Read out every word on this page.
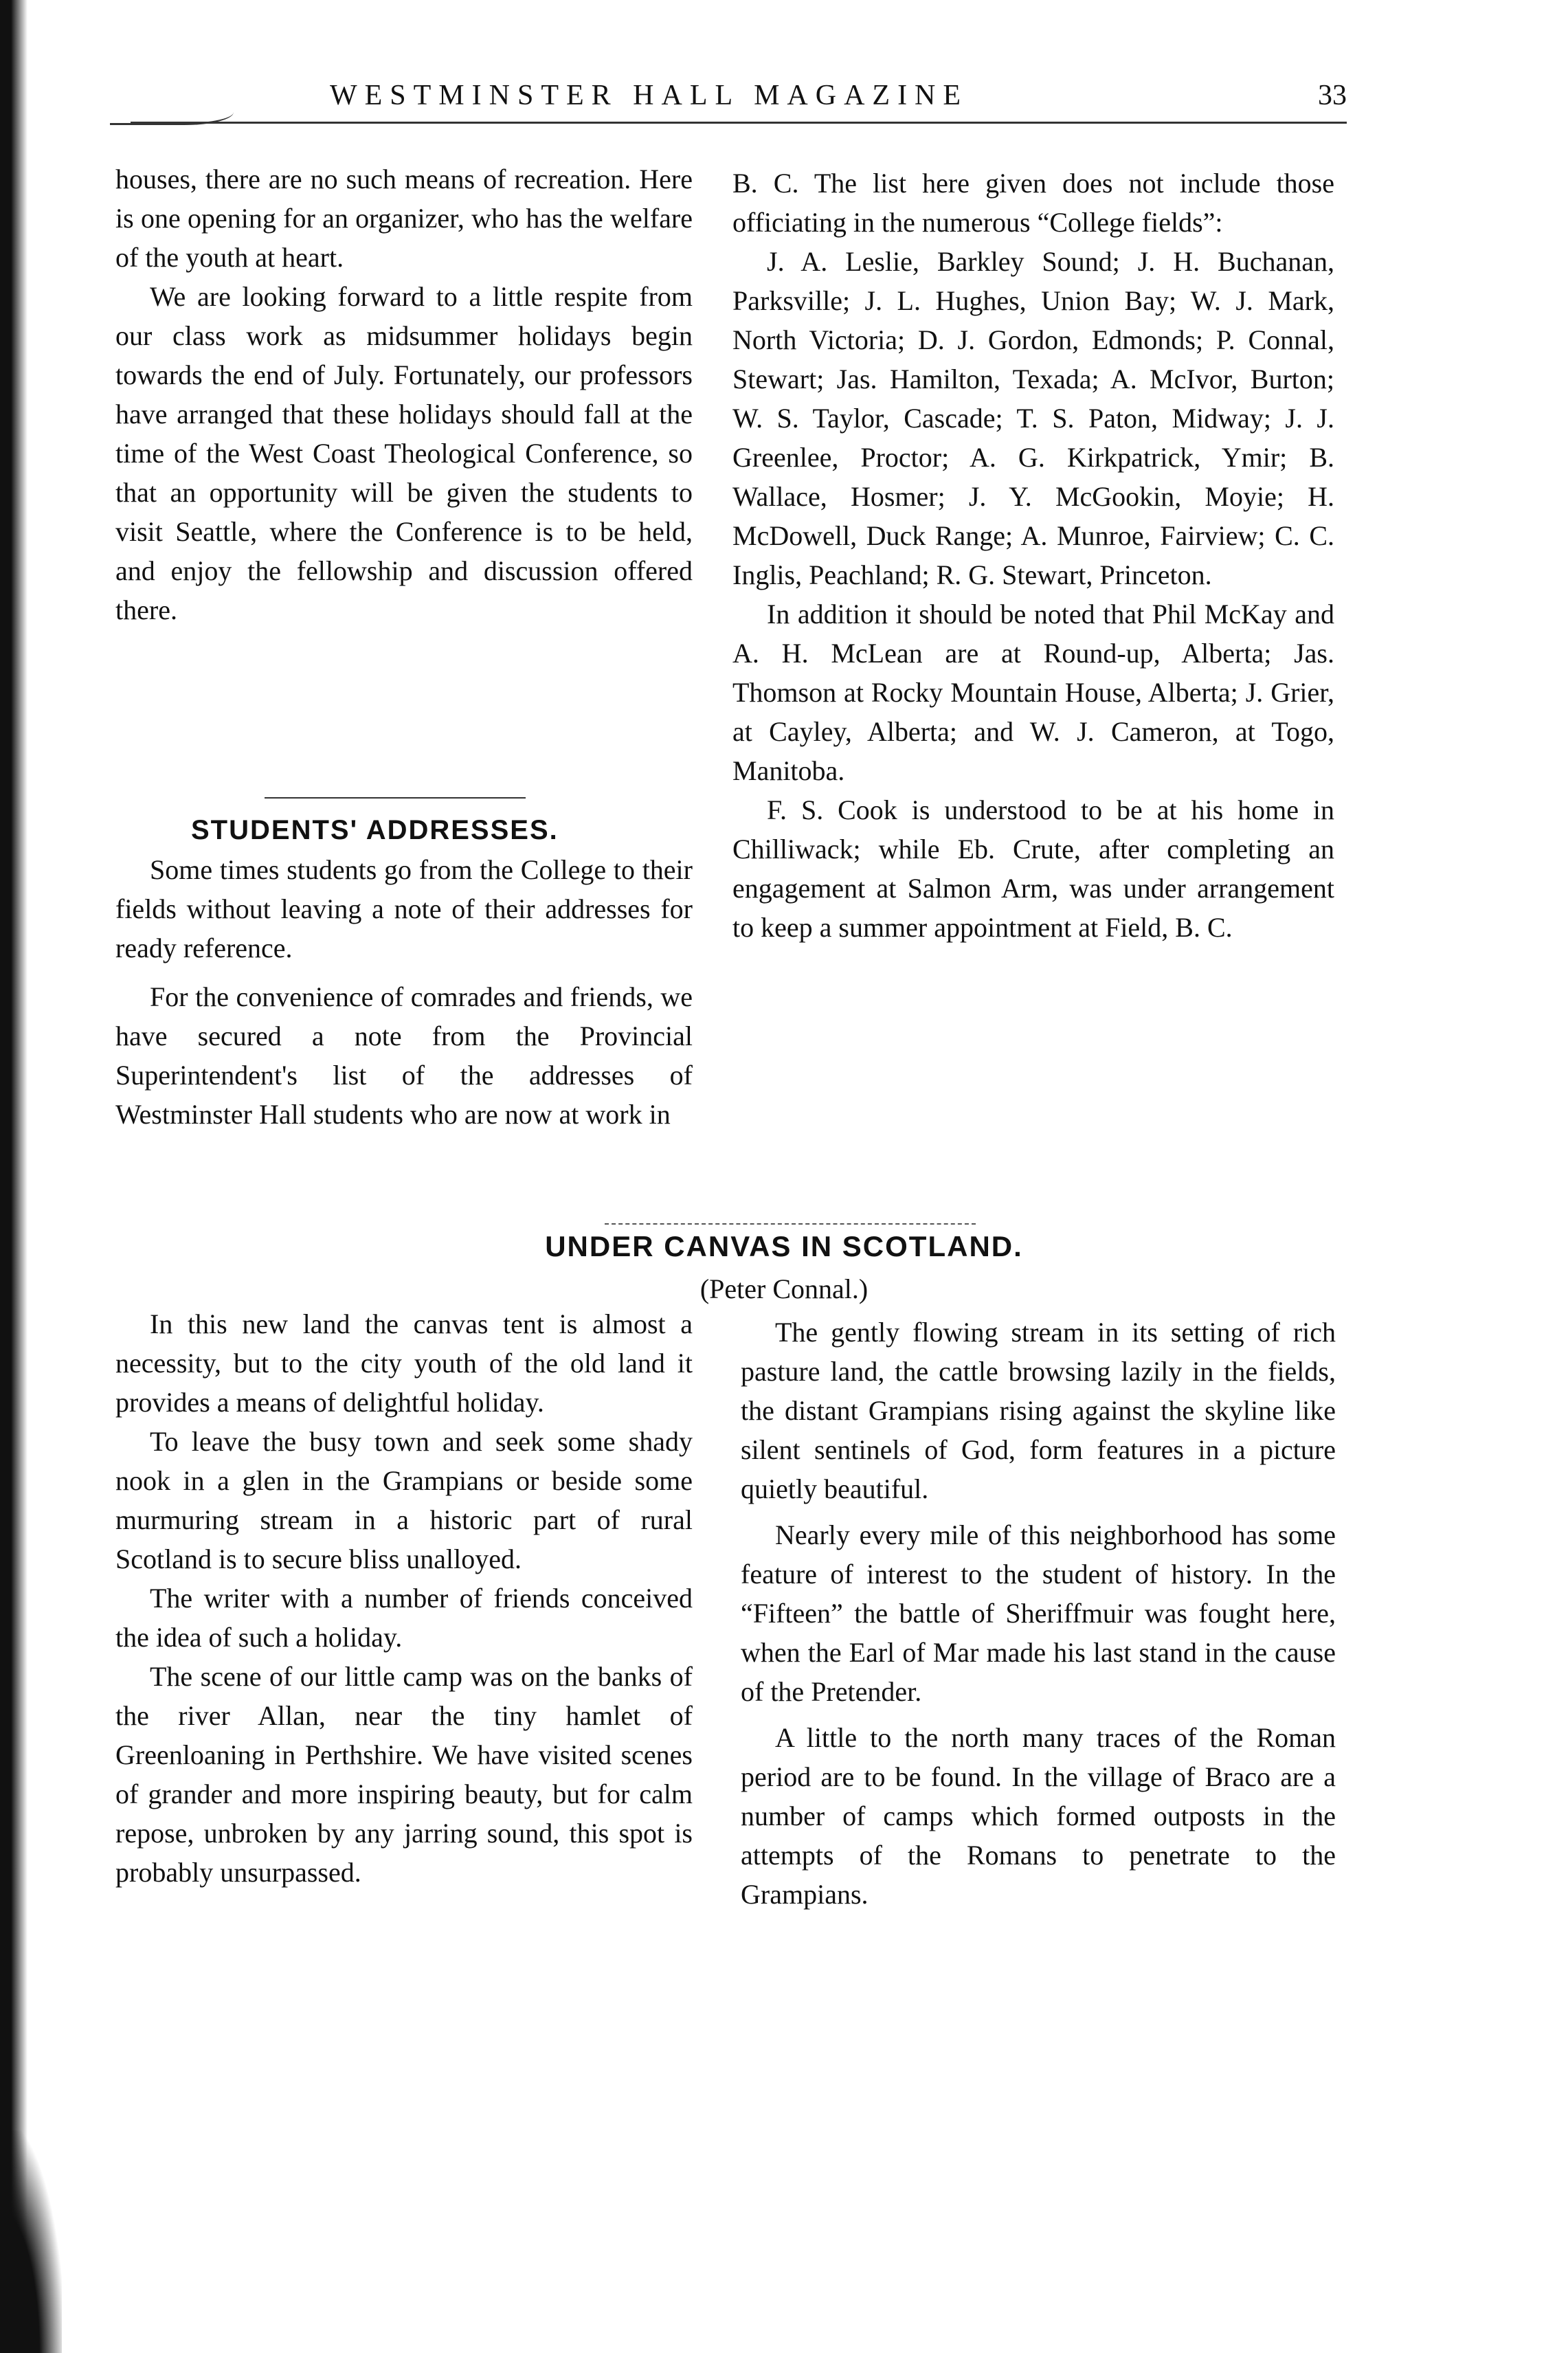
WESTMINSTER HALL MAGAZINE	33

houses, there are no such means of recreation. Here is one opening for an organizer, who has the welfare of the youth at heart.

We are looking forward to a little respite from our class work as midsummer holidays begin towards the end of July. Fortunately, our professors have arranged that these holidays should fall at the time of the West Coast Theological Conference, so that an opportunity will be given the students to visit Seattle, where the Conference is to be held, and enjoy the fellowship and discussion offered there.

STUDENTS' ADDRESSES.

Some times students go from the College to their fields without leaving a note of their addresses for ready reference.

For the convenience of comrades and friends, we have secured a note from the Provincial Superintendent's list of the addresses of Westminster Hall students who are now at work in

B. C. The list here given does not include those officiating in the numerous “College fields”:

J. A. Leslie, Barkley Sound; J. H. Buchanan, Parksville; J. L. Hughes, Union Bay; W. J. Mark, North Victoria; D. J. Gordon, Edmonds; P. Connal, Stewart; Jas. Hamilton, Texada; A. McIvor, Burton; W. S. Taylor, Cascade; T. S. Paton, Midway; J. J. Greenlee, Proctor; A. G. Kirkpatrick, Ymir; B. Wallace, Hosmer; J. Y. McGookin, Moyie; H. McDowell, Duck Range; A. Munroe, Fairview; C. C. Inglis, Peachland; R. G. Stewart, Princeton.

In addition it should be noted that Phil McKay and A. H. McLean are at Round-up, Alberta; Jas. Thomson at Rocky Mountain House, Alberta; J. Grier, at Cayley, Alberta; and W. J. Cameron, at Togo, Manitoba.

F. S. Cook is understood to be at his home in Chilliwack; while Eb. Crute, after completing an engagement at Salmon Arm, was under arrangement to keep a summer appointment at Field, B. C.

UNDER CANVAS IN SCOTLAND.
(Peter Connal.)

In this new land the canvas tent is almost a necessity, but to the city youth of the old land it provides a means of delightful holiday.

To leave the busy town and seek some shady nook in a glen in the Grampians or beside some murmuring stream in a historic part of rural Scotland is to secure bliss unalloyed.

The writer with a number of friends conceived the idea of such a holiday.

The scene of our little camp was on the banks of the river Allan, near the tiny hamlet of Greenloaning in Perthshire. We have visited scenes of grander and more inspiring beauty, but for calm repose, unbroken by any jarring sound, this spot is probably unsurpassed.

The gently flowing stream in its setting of rich pasture land, the cattle browsing lazily in the fields, the distant Grampians rising against the skyline like silent sentinels of God, form features in a picture quietly beautiful.

Nearly every mile of this neighborhood has some feature of interest to the student of history. In the “Fifteen” the battle of Sheriffmuir was fought here, when the Earl of Mar made his last stand in the cause of the Pretender.

A little to the north many traces of the Roman period are to be found. In the village of Braco are a number of camps which formed outposts in the attempts of the Romans to penetrate to the Grampians.
